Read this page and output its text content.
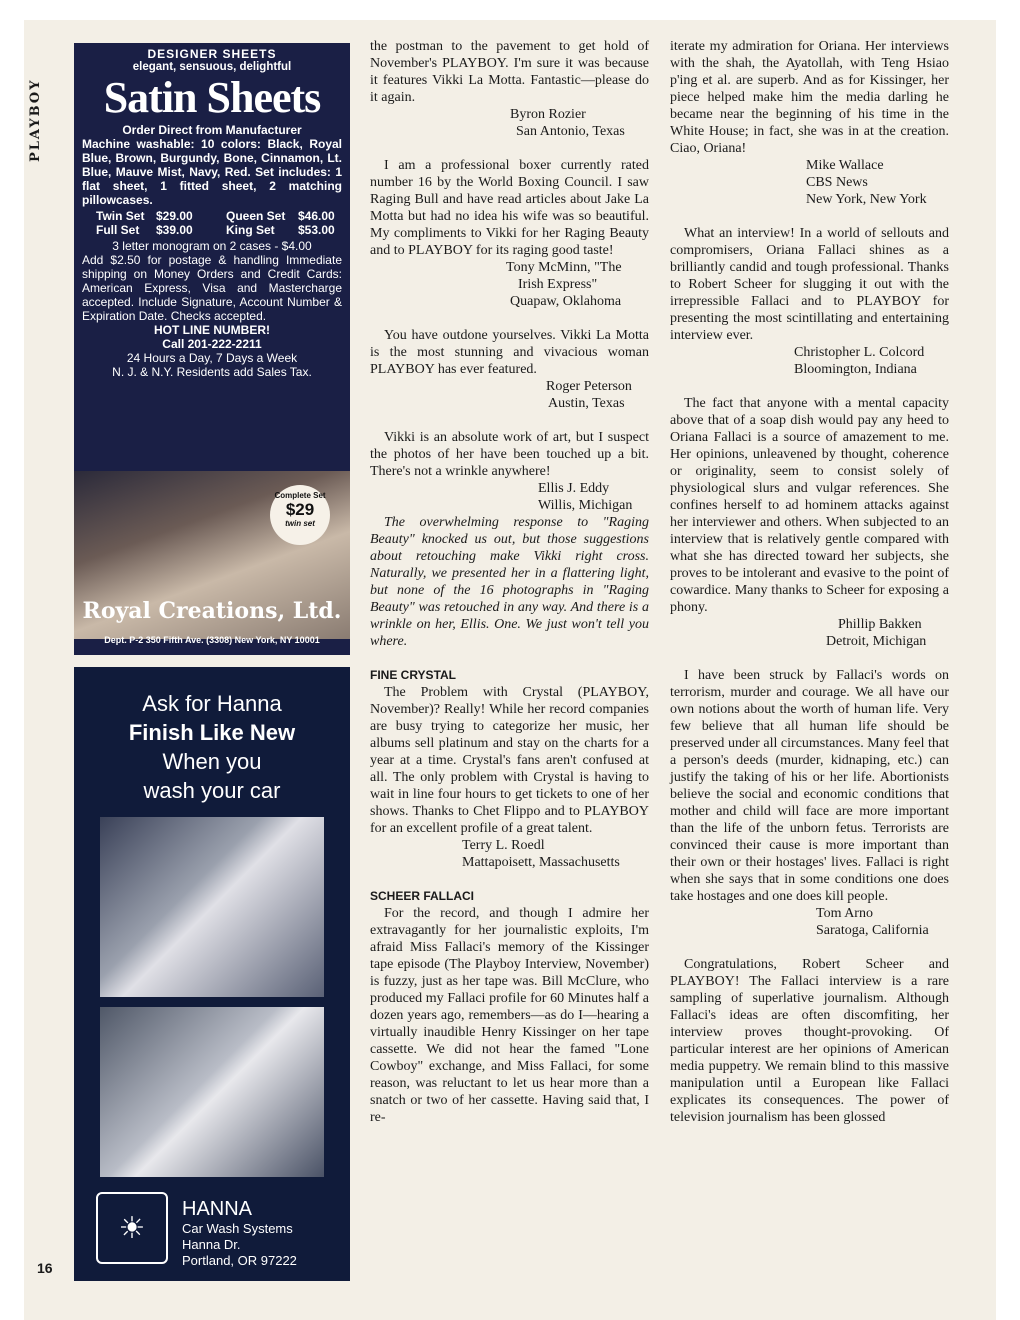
PLAYBOY
16
DESIGNER SHEETS
elegant, sensuous, delightful
Satin Sheets
Order Direct from Manufacturer
Machine washable: 10 colors: Black, Royal Blue, Brown, Burgundy, Bone, Cinnamon, Lt. Blue, Mauve Mist, Navy, Red. Set includes: 1 flat sheet, 1 fitted sheet, 2 matching pillowcases.
Twin Set $29.00	Queen Set	$46.00
Full Set	$39.00	King Set	$53.00
3 letter monogram on 2 cases - $4.00
Add $2.50 for postage & handling Immediate shipping on Money Orders and Credit Cards: American Express, Visa and Mastercharge accepted. Include Signature, Account Number & Expiration Date. Checks accepted.
HOT LINE NUMBER!
Call 201-222-2211
24 Hours a Day, 7 Days a Week
N. J. & N.Y. Residents add Sales Tax.
Complete Set
$29
twin set
Royal Creations, Ltd.
Dept. P-2 350 Fifth Ave. (3308) New York, NY 10001
Ask for Hanna
Finish Like New
When you
wash your car
☀
HANNA
Car Wash Systems
Hanna Dr.
Portland, OR 97222

the postman to the pavement to get hold of November's PLAYBOY. I'm sure it was because it features Vikki La Motta. Fantastic—please do it again.

Byron Rozier
San Antonio, Texas

I am a professional boxer currently rated number 16 by the World Boxing Council. I saw Raging Bull and have read articles about Jake La Motta but had no idea his wife was so beautiful. My compliments to Vikki for her Raging Beauty and to PLAYBOY for its raging good taste!

Tony McMinn, "The
Irish Express"
Quapaw, Oklahoma

You have outdone yourselves. Vikki La Motta is the most stunning and vivacious woman PLAYBOY has ever featured.

Roger Peterson
Austin, Texas

Vikki is an absolute work of art, but I suspect the photos of her have been touched up a bit. There's not a wrinkle anywhere!

Ellis J. Eddy
Willis, Michigan

The overwhelming response to "Raging Beauty" knocked us out, but those suggestions about retouching make Vikki right cross. Naturally, we presented her in a flattering light, but none of the 16 photographs in "Raging Beauty" was retouched in any way. And there is a wrinkle on her, Ellis. One. We just won't tell you where.

FINE CRYSTAL

The Problem with Crystal (PLAYBOY, November)? Really! While her record companies are busy trying to categorize her music, her albums sell platinum and stay on the charts for a year at a time. Crystal's fans aren't confused at all. The only problem with Crystal is having to wait in line four hours to get tickets to one of her shows. Thanks to Chet Flippo and to PLAYBOY for an excellent profile of a great talent.

Terry L. Roedl
Mattapoisett, Massachusetts

SCHEER FALLACI

For the record, and though I admire her extravagantly for her journalistic exploits, I'm afraid Miss Fallaci's memory of the Kissinger tape episode (The Playboy Interview, November) is fuzzy, just as her tape was. Bill McClure, who produced my Fallaci profile for 60 Minutes half a dozen years ago, remembers—as do I—hearing a virtually inaudible Henry Kissinger on her tape cassette. We did not hear the famed "Lone Cowboy" exchange, and Miss Fallaci, for some reason, was reluctant to let us hear more than a snatch or two of her cassette. Having said that, I re-

iterate my admiration for Oriana. Her interviews with the shah, the Ayatollah, with Teng Hsiao p'ing et al. are superb. And as for Kissinger, her piece helped make him the media darling he became near the beginning of his time in the White House; in fact, she was in at the creation. Ciao, Oriana!

Mike Wallace
CBS News
New York, New York

What an interview! In a world of sellouts and compromisers, Oriana Fallaci shines as a brilliantly candid and tough professional. Thanks to Robert Scheer for slugging it out with the irrepressible Fallaci and to PLAYBOY for presenting the most scintillating and entertaining interview ever.

Christopher L. Colcord
Bloomington, Indiana

The fact that anyone with a mental capacity above that of a soap dish would pay any heed to Oriana Fallaci is a source of amazement to me. Her opinions, unleavened by thought, coherence or originality, seem to consist solely of physiological slurs and vulgar references. She confines herself to ad hominem attacks against her interviewer and others. When subjected to an interview that is relatively gentle compared with what she has directed toward her subjects, she proves to be intolerant and evasive to the point of cowardice. Many thanks to Scheer for exposing a phony.

Phillip Bakken
Detroit, Michigan

I have been struck by Fallaci's words on terrorism, murder and courage. We all have our own notions about the worth of human life. Very few believe that all human life should be preserved under all circumstances. Many feel that a person's deeds (murder, kidnaping, etc.) can justify the taking of his or her life. Abortionists believe the social and economic conditions that mother and child will face are more important than the life of the unborn fetus. Terrorists are convinced their cause is more important than their own or their hostages' lives. Fallaci is right when she says that in some conditions one does take hostages and one does kill people.

Tom Arno
Saratoga, California

Congratulations, Robert Scheer and PLAYBOY! The Fallaci interview is a rare sampling of superlative journalism. Although Fallaci's ideas are often discomfiting, her interview proves thought-provoking. Of particular interest are her opinions of American media puppetry. We remain blind to this massive manipulation until a European like Fallaci explicates its consequences. The power of television journalism has been glossed
